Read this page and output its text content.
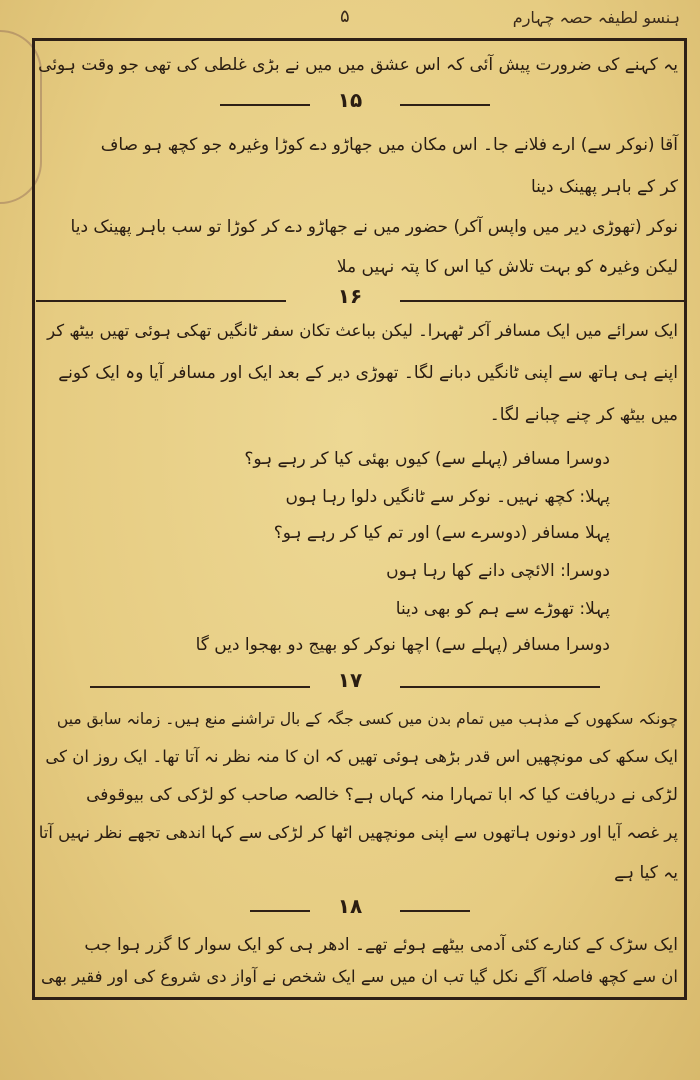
۵	ہنسو لطیفہ حصہ چہارم
یہ کہنے کی ضرورت پیش آئی کہ اس عشق میں میں نے بڑی غلطی کی تھی جو وقت ہوئی
۱۵
آقا (نوکر سے) ارے فلانے جا۔ اس مکان میں جھاڑو دے کوڑا وغیرہ جو کچھ ہو صاف
کر کے باہر پھینک دینا
نوکر (تھوڑی دیر میں واپس آکر) حضور میں نے جھاڑو دے کر کوڑا تو سب باہر پھینک دیا
لیکن وغیرہ کو بہت تلاش کیا اس کا پتہ نہیں ملا
۱۶
ایک سرائے میں ایک مسافر آکر ٹھہرا۔ لیکن بباعث تکان سفر ٹانگیں تھکی ہوئی تھیں بیٹھ کر
اپنے ہی ہاتھ سے اپنی ٹانگیں دبانے لگا۔ تھوڑی دیر کے بعد ایک اور مسافر آیا وہ ایک کونے
میں بیٹھ کر چنے چبانے لگا۔
دوسرا مسافر (پہلے سے) کیوں بھئی کیا کر رہے ہو؟
پہلا: کچھ نہیں۔ نوکر سے ٹانگیں دلوا رہا ہوں
پہلا مسافر (دوسرے سے) اور تم کیا کر رہے ہو؟
دوسرا: الائچی دانے کھا رہا ہوں
پہلا: تھوڑے سے ہم کو بھی دینا
دوسرا مسافر (پہلے سے) اچھا نوکر کو بھیج دو بھجوا دیں گا
۱۷
چونکہ سکھوں کے مذہب میں تمام بدن میں کسی جگہ کے بال تراشنے منع ہیں۔ زمانہ سابق میں
ایک سکھ کی مونچھیں اس قدر بڑھی ہوئی تھیں کہ ان کا منہ نظر نہ آتا تھا۔ ایک روز ان کی
لڑکی نے دریافت کیا کہ ابا تمہارا منہ کہاں ہے؟ خالصہ صاحب کو لڑکی کی بیوقوفی
پر غصہ آیا اور دونوں ہاتھوں سے اپنی مونچھیں اٹھا کر لڑکی سے کہا اندھی تجھے نظر نہیں آتا
یہ کیا ہے
۱۸
ایک سڑک کے کنارے کئی آدمی بیٹھے ہوئے تھے۔ ادھر ہی کو ایک سوار کا گزر ہوا جب
ان سے کچھ فاصلہ آگے نکل گیا تب ان میں سے ایک شخص نے آواز دی شروع کی اور فقیر بھی
